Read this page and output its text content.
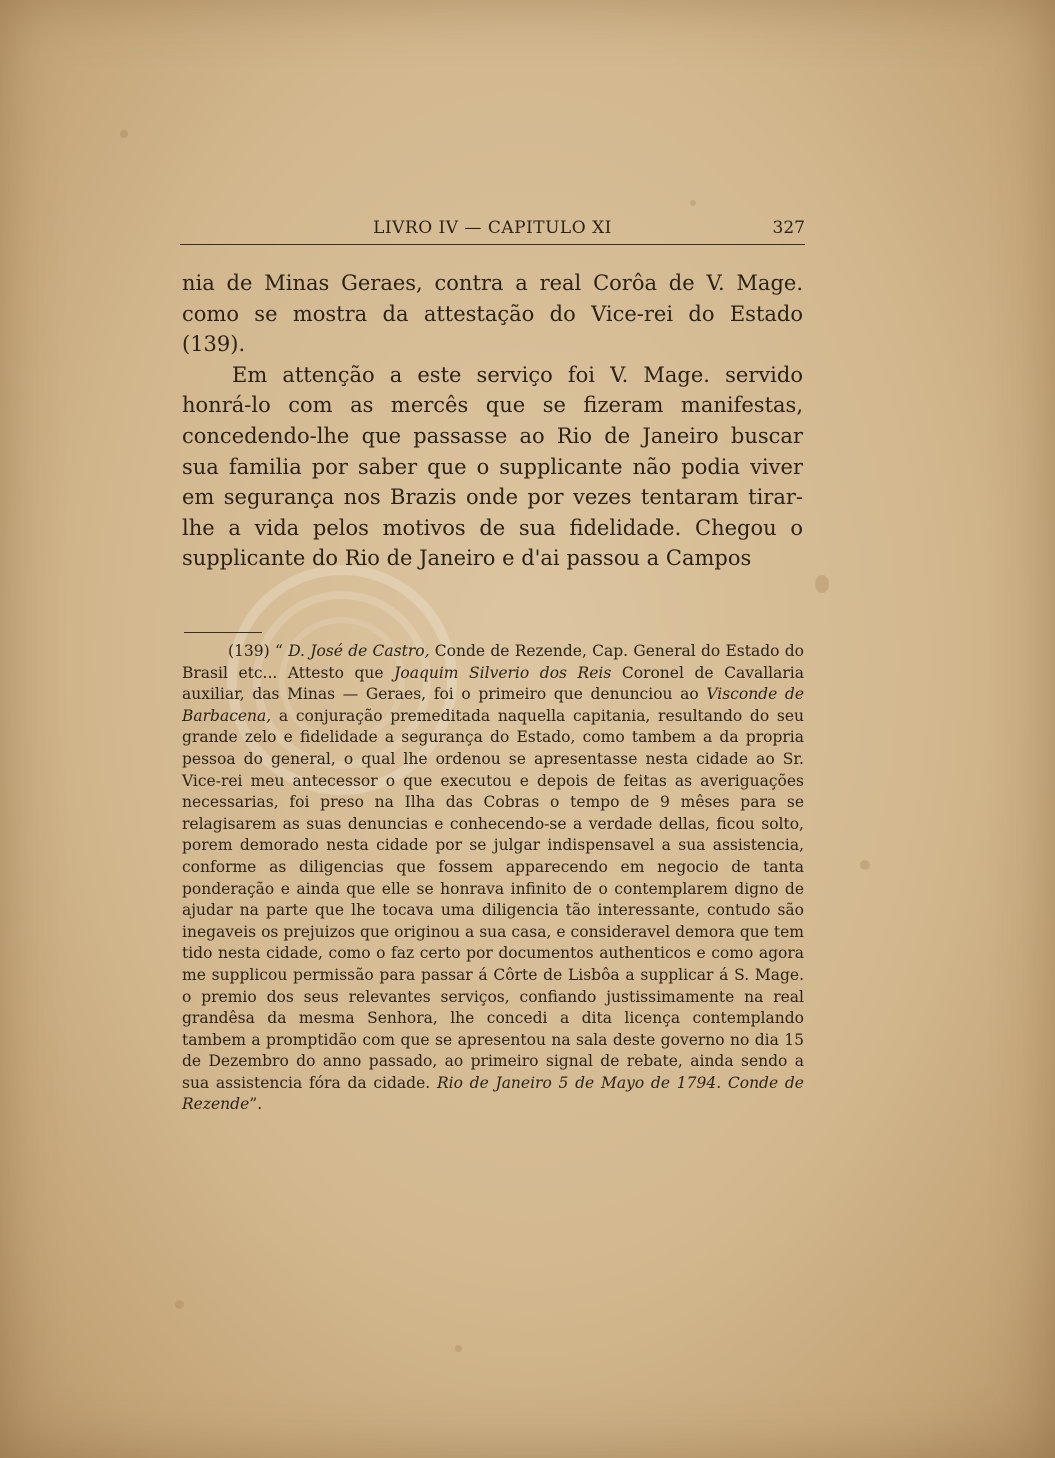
LIVRO IV — CAPITULO XI	327

nia de Minas Geraes, contra a real Corôa de V. Mage. como se mostra da attestação do Vice-rei do Estado (139).

Em attenção a este serviço foi V. Mage. servido honrá-lo com as mercês que se fizeram manifestas, concedendo-lhe que passasse ao Rio de Janeiro buscar sua familia por saber que o supplicante não podia viver em segurança nos Brazis onde por vezes tentaram tirar-lhe a vida pelos motivos de sua fidelidade. Chegou o supplicante do Rio de Janeiro e d'ai passou a Campos

(139) “ D. José de Castro, Conde de Rezende, Cap. General do Estado do Brasil etc... Attesto que Joaquim Silverio dos Reis Coronel de Cavallaria auxiliar, das Minas — Geraes, foi o primeiro que denunciou ao Visconde de Barbacena, a conjuração premeditada naquella capitania, resultando do seu grande zelo e fidelidade a segurança do Estado, como tambem a da propria pessoa do general, o qual lhe ordenou se apresentasse nesta cidade ao Sr. Vice-rei meu antecessor o que executou e depois de feitas as averiguações necessarias, foi preso na Ilha das Cobras o tempo de 9 mêses para se relagisarem as suas denuncias e conhecendo-se a verdade dellas, ficou solto, porem demorado nesta cidade por se julgar indispensavel a sua assistencia, conforme as diligencias que fossem apparecendo em negocio de tanta ponderação e ainda que elle se honrava infinito de o contemplarem digno de ajudar na parte que lhe tocava uma diligencia tão interessante, contudo são inegaveis os prejuizos que originou a sua casa, e consideravel demora que tem tido nesta cidade, como o faz certo por documentos authenticos e como agora me supplicou permissão para passar á Côrte de Lisbôa a supplicar á S. Mage. o premio dos seus relevantes serviços, confiando justissimamente na real grandêsa da mesma Senhora, lhe concedi a dita licença contemplando tambem a promptidão com que se apresentou na sala deste governo no dia 15 de Dezembro do anno passado, ao primeiro signal de rebate, ainda sendo a sua assistencia fóra da cidade. Rio de Janeiro 5 de Mayo de 1794. Conde de Rezende”.
